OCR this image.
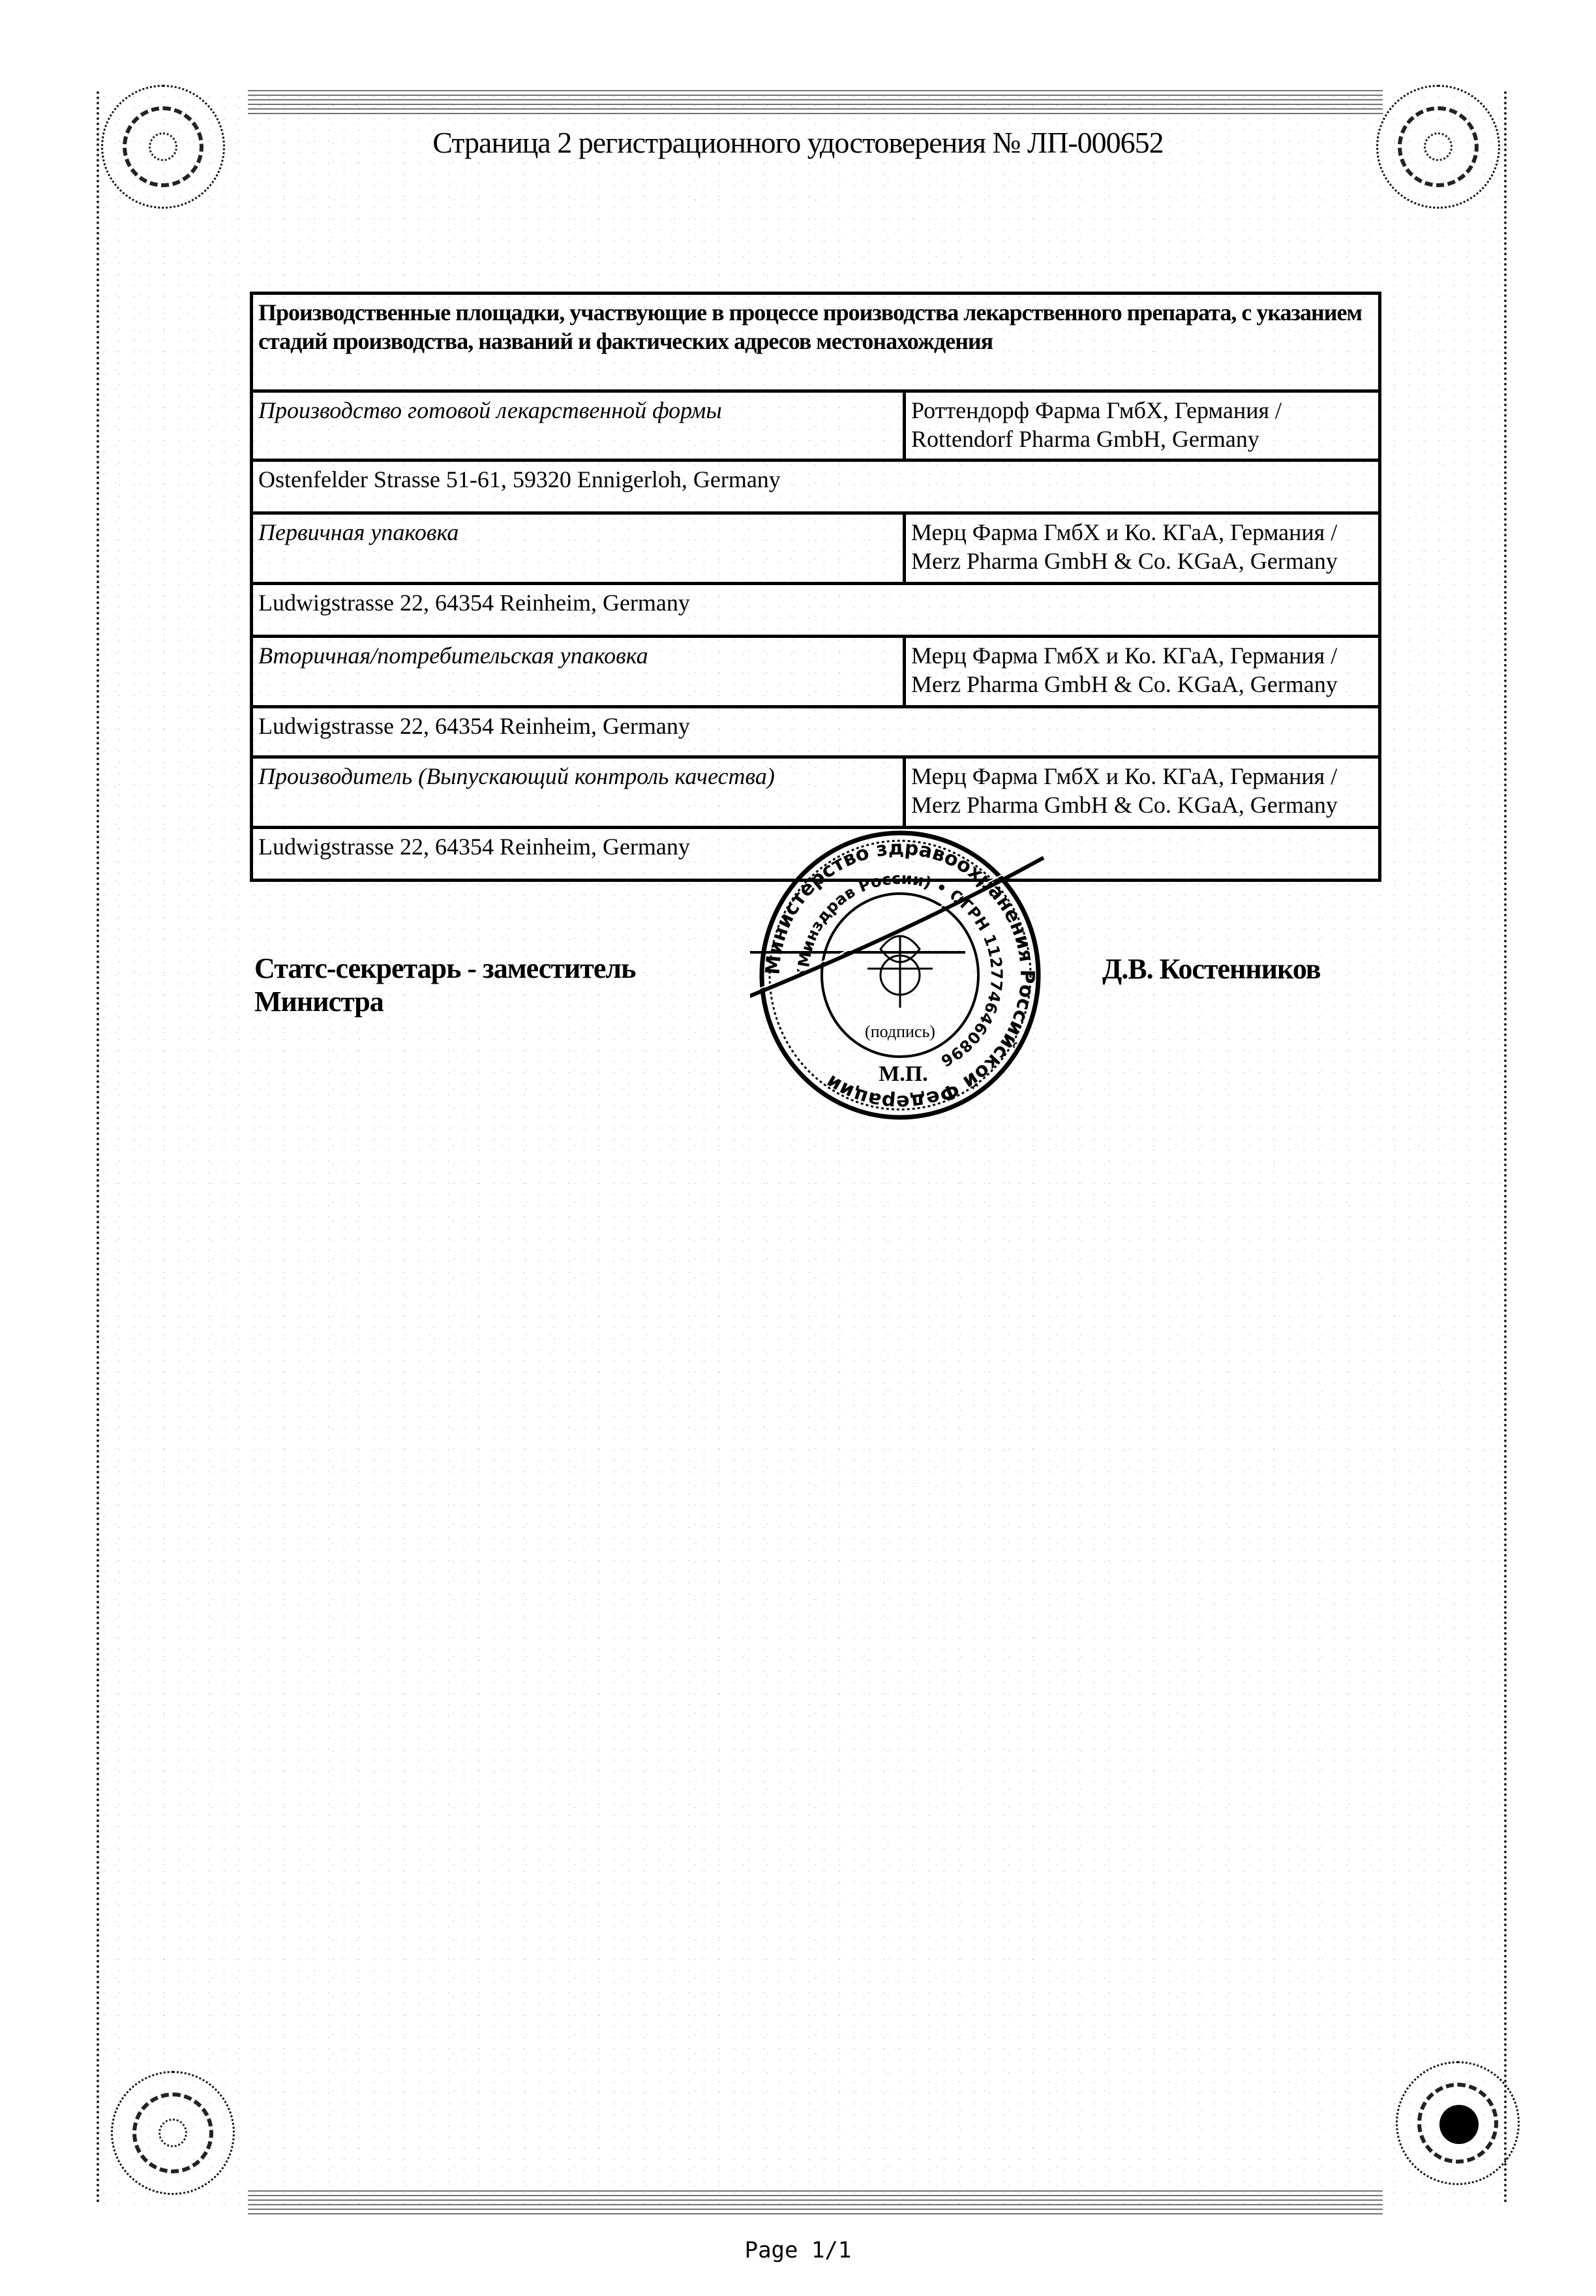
Страница 2 регистрационного удостоверения № ЛП-000652
Производственные площадки, участвующие в процессе производства лекарственного препарата, с указанием стадий производства, названий и фактических адресов местонахождения	
Производство готовой лекарственной формы	Роттендорф Фарма ГмбХ, Германия / Rottendorf Pharma GmbH, Germany
Ostenfelder Strasse 51-61, 59320 Ennigerloh, Germany	
Первичная упаковка	Мерц Фарма ГмбХ и Ко. КГаА, Германия / Merz Pharma GmbH & Co. KGaA, Germany
Ludwigstrasse 22, 64354 Reinheim, Germany	
Вторичная/потребительская упаковка	Мерц Фарма ГмбХ и Ко. КГаА, Германия / Merz Pharma GmbH & Co. KGaA, Germany
Ludwigstrasse 22, 64354 Reinheim, Germany	
Производитель (Выпускающий контроль качества)	Мерц Фарма ГмбХ и Ко. КГаА, Германия / Merz Pharma GmbH & Co. KGaA, Germany
Ludwigstrasse 22, 64354 Reinheim, Germany	
Статс-секретарь - заместитель
Министра
Д.В. Костенников
Министерство здравоохранения Российской Федерации
(Минздрав России) • ОГРН 1127746460896
(подпись)
М.П.
Page 1/1
